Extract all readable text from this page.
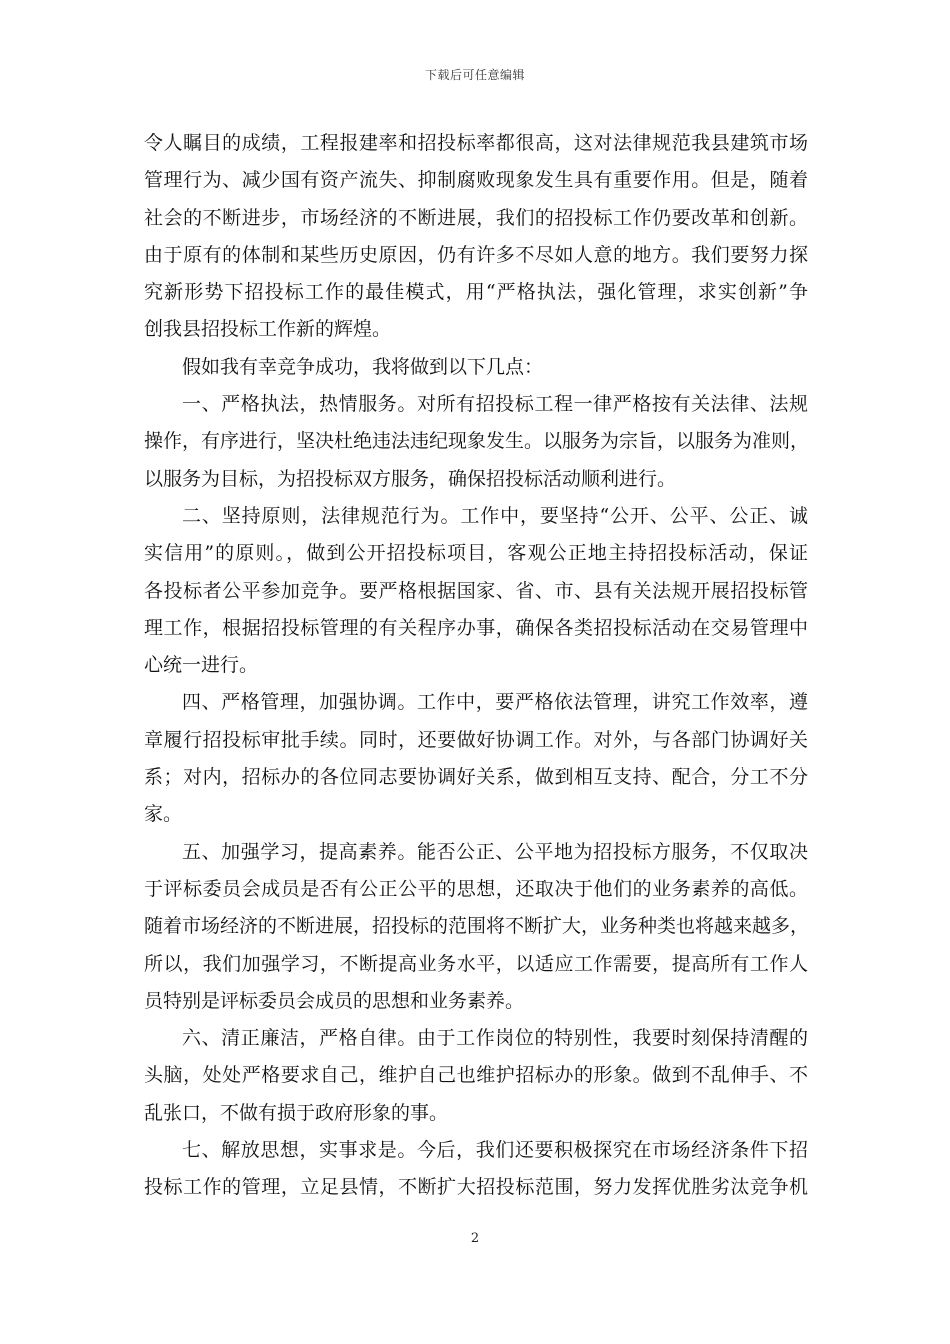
下载后可任意编辑
令人瞩目的成绩，工程报建率和招投标率都很高，这对法律规范我县建筑市场
管理行为、减少国有资产流失、抑制腐败现象发生具有重要作用。但是，随着
社会的不断进步，市场经济的不断进展，我们的招投标工作仍要改革和创新。
由于原有的体制和某些历史原因，仍有许多不尽如人意的地方。我们要努力探
究新形势下招投标工作的最佳模式，用“严格执法，强化管理，求实创新”争
创我县招投标工作新的辉煌。
假如我有幸竞争成功，我将做到以下几点：
一、严格执法，热情服务。对所有招投标工程一律严格按有关法律、法规
操作，有序进行，坚决杜绝违法违纪现象发生。以服务为宗旨，以服务为准则，
以服务为目标，为招投标双方服务，确保招投标活动顺利进行。
二、坚持原则，法律规范行为。工作中，要坚持“公开、公平、公正、诚
实信用”的原则。，做到公开招投标项目，客观公正地主持招投标活动，保证
各投标者公平参加竞争。要严格根据国家、省、市、县有关法规开展招投标管
理工作，根据招投标管理的有关程序办事，确保各类招投标活动在交易管理中
心统一进行。
四、严格管理，加强协调。工作中，要严格依法管理，讲究工作效率，遵
章履行招投标审批手续。同时，还要做好协调工作。对外，与各部门协调好关
系；对内，招标办的各位同志要协调好关系，做到相互支持、配合，分工不分
家。
五、加强学习，提高素养。能否公正、公平地为招投标方服务，不仅取决
于评标委员会成员是否有公正公平的思想，还取决于他们的业务素养的高低。
随着市场经济的不断进展，招投标的范围将不断扩大，业务种类也将越来越多，
所以，我们加强学习，不断提高业务水平，以适应工作需要，提高所有工作人
员特别是评标委员会成员的思想和业务素养。
六、清正廉洁，严格自律。由于工作岗位的特别性，我要时刻保持清醒的
头脑，处处严格要求自己，维护自己也维护招标办的形象。做到不乱伸手、不
乱张口，不做有损于政府形象的事。
七、解放思想，实事求是。今后，我们还要积极探究在市场经济条件下招
投标工作的管理，立足县情，不断扩大招投标范围，努力发挥优胜劣汰竞争机
2
